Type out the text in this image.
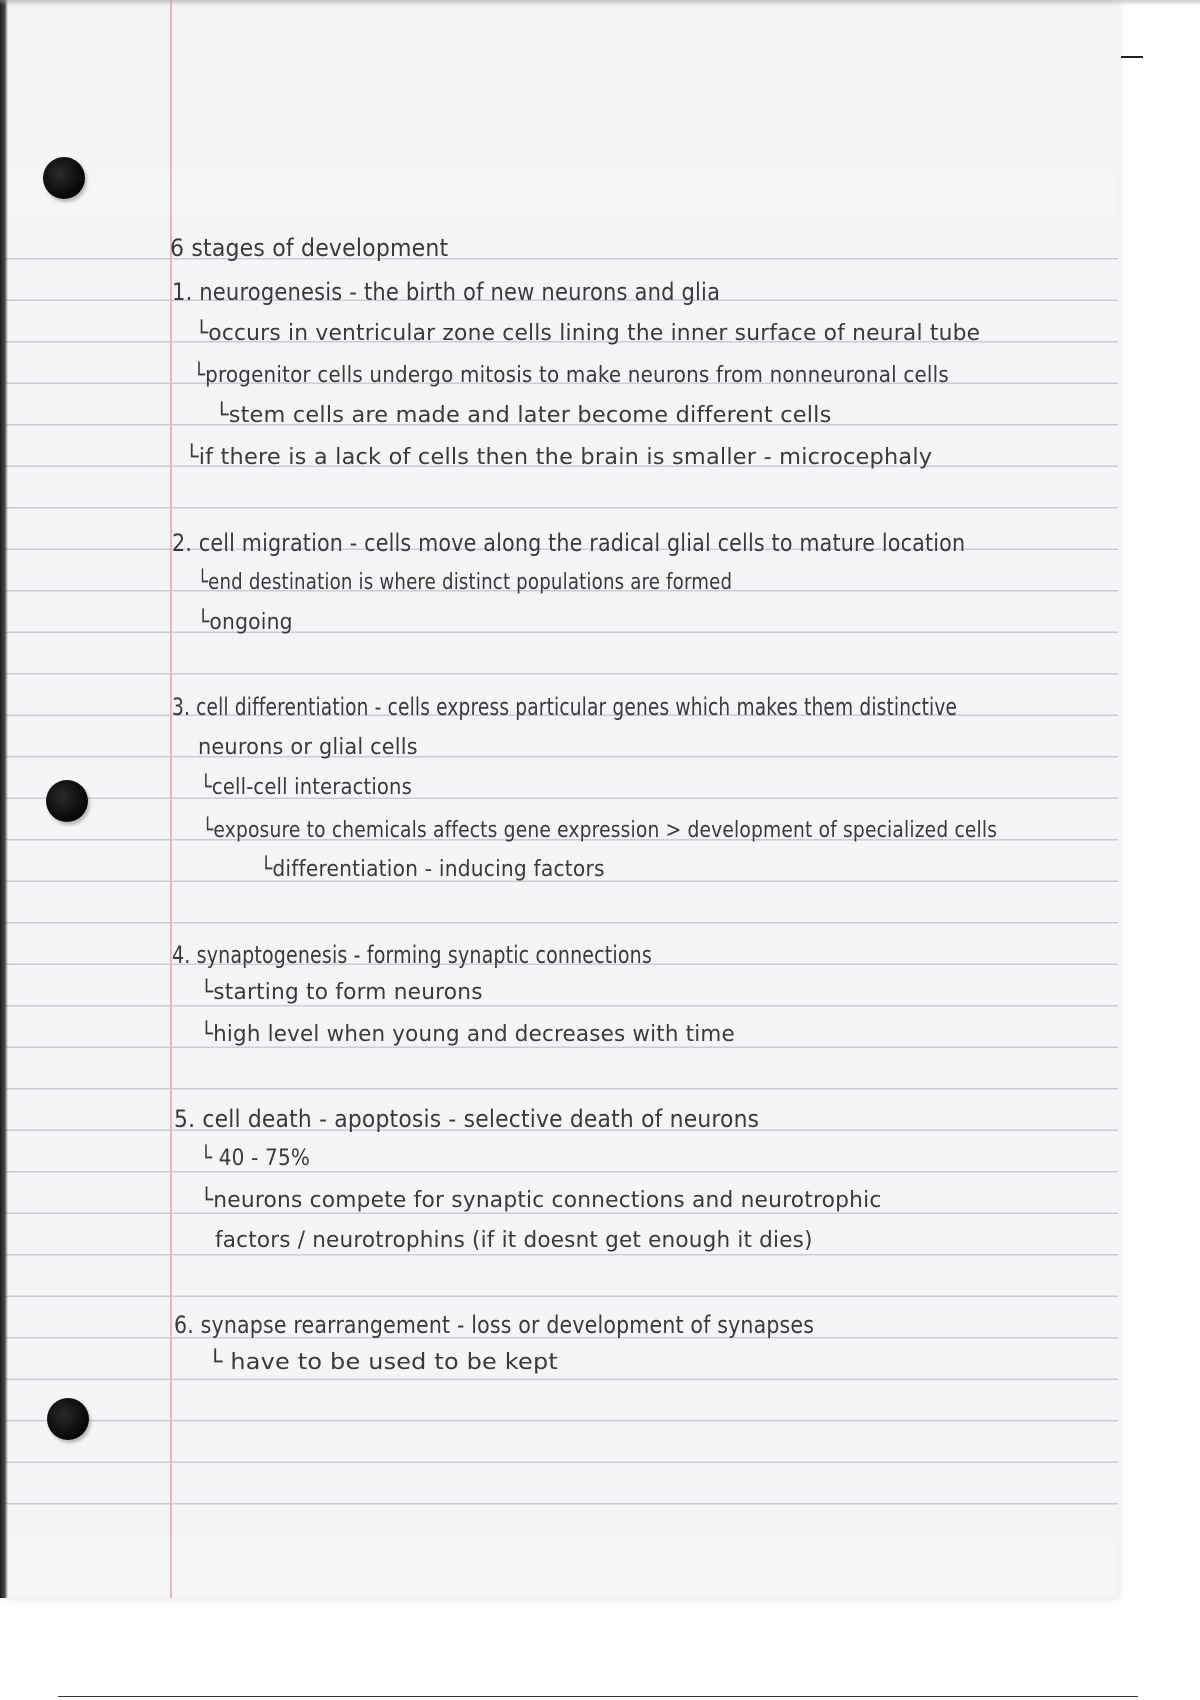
6 stages of development
1. neurogenesis - the birth of new neurons and glia
└occurs in ventricular zone cells lining the inner surface of neural tube
└progenitor cells undergo mitosis to make neurons from nonneuronal cells
└stem cells are made and later become different cells
└if there is a lack of cells then the brain is smaller - microcephaly
2. cell migration - cells move along the radical glial cells to mature location
└end destination is where distinct populations are formed
└ongoing
3. cell differentiation - cells express particular genes which makes them distinctive
neurons or glial cells
└cell-cell interactions
└exposure to chemicals affects gene expression > development of specialized cells
└differentiation - inducing factors
4. synaptogenesis - forming synaptic connections
└starting to form neurons
└high level when young and decreases with time
5. cell death - apoptosis - selective death of neurons
└ 40 - 75%
└neurons compete for synaptic connections and neurotrophic
factors / neurotrophins (if it doesnt get enough it dies)
6. synapse rearrangement - loss or development of synapses
└ have to be used to be kept
